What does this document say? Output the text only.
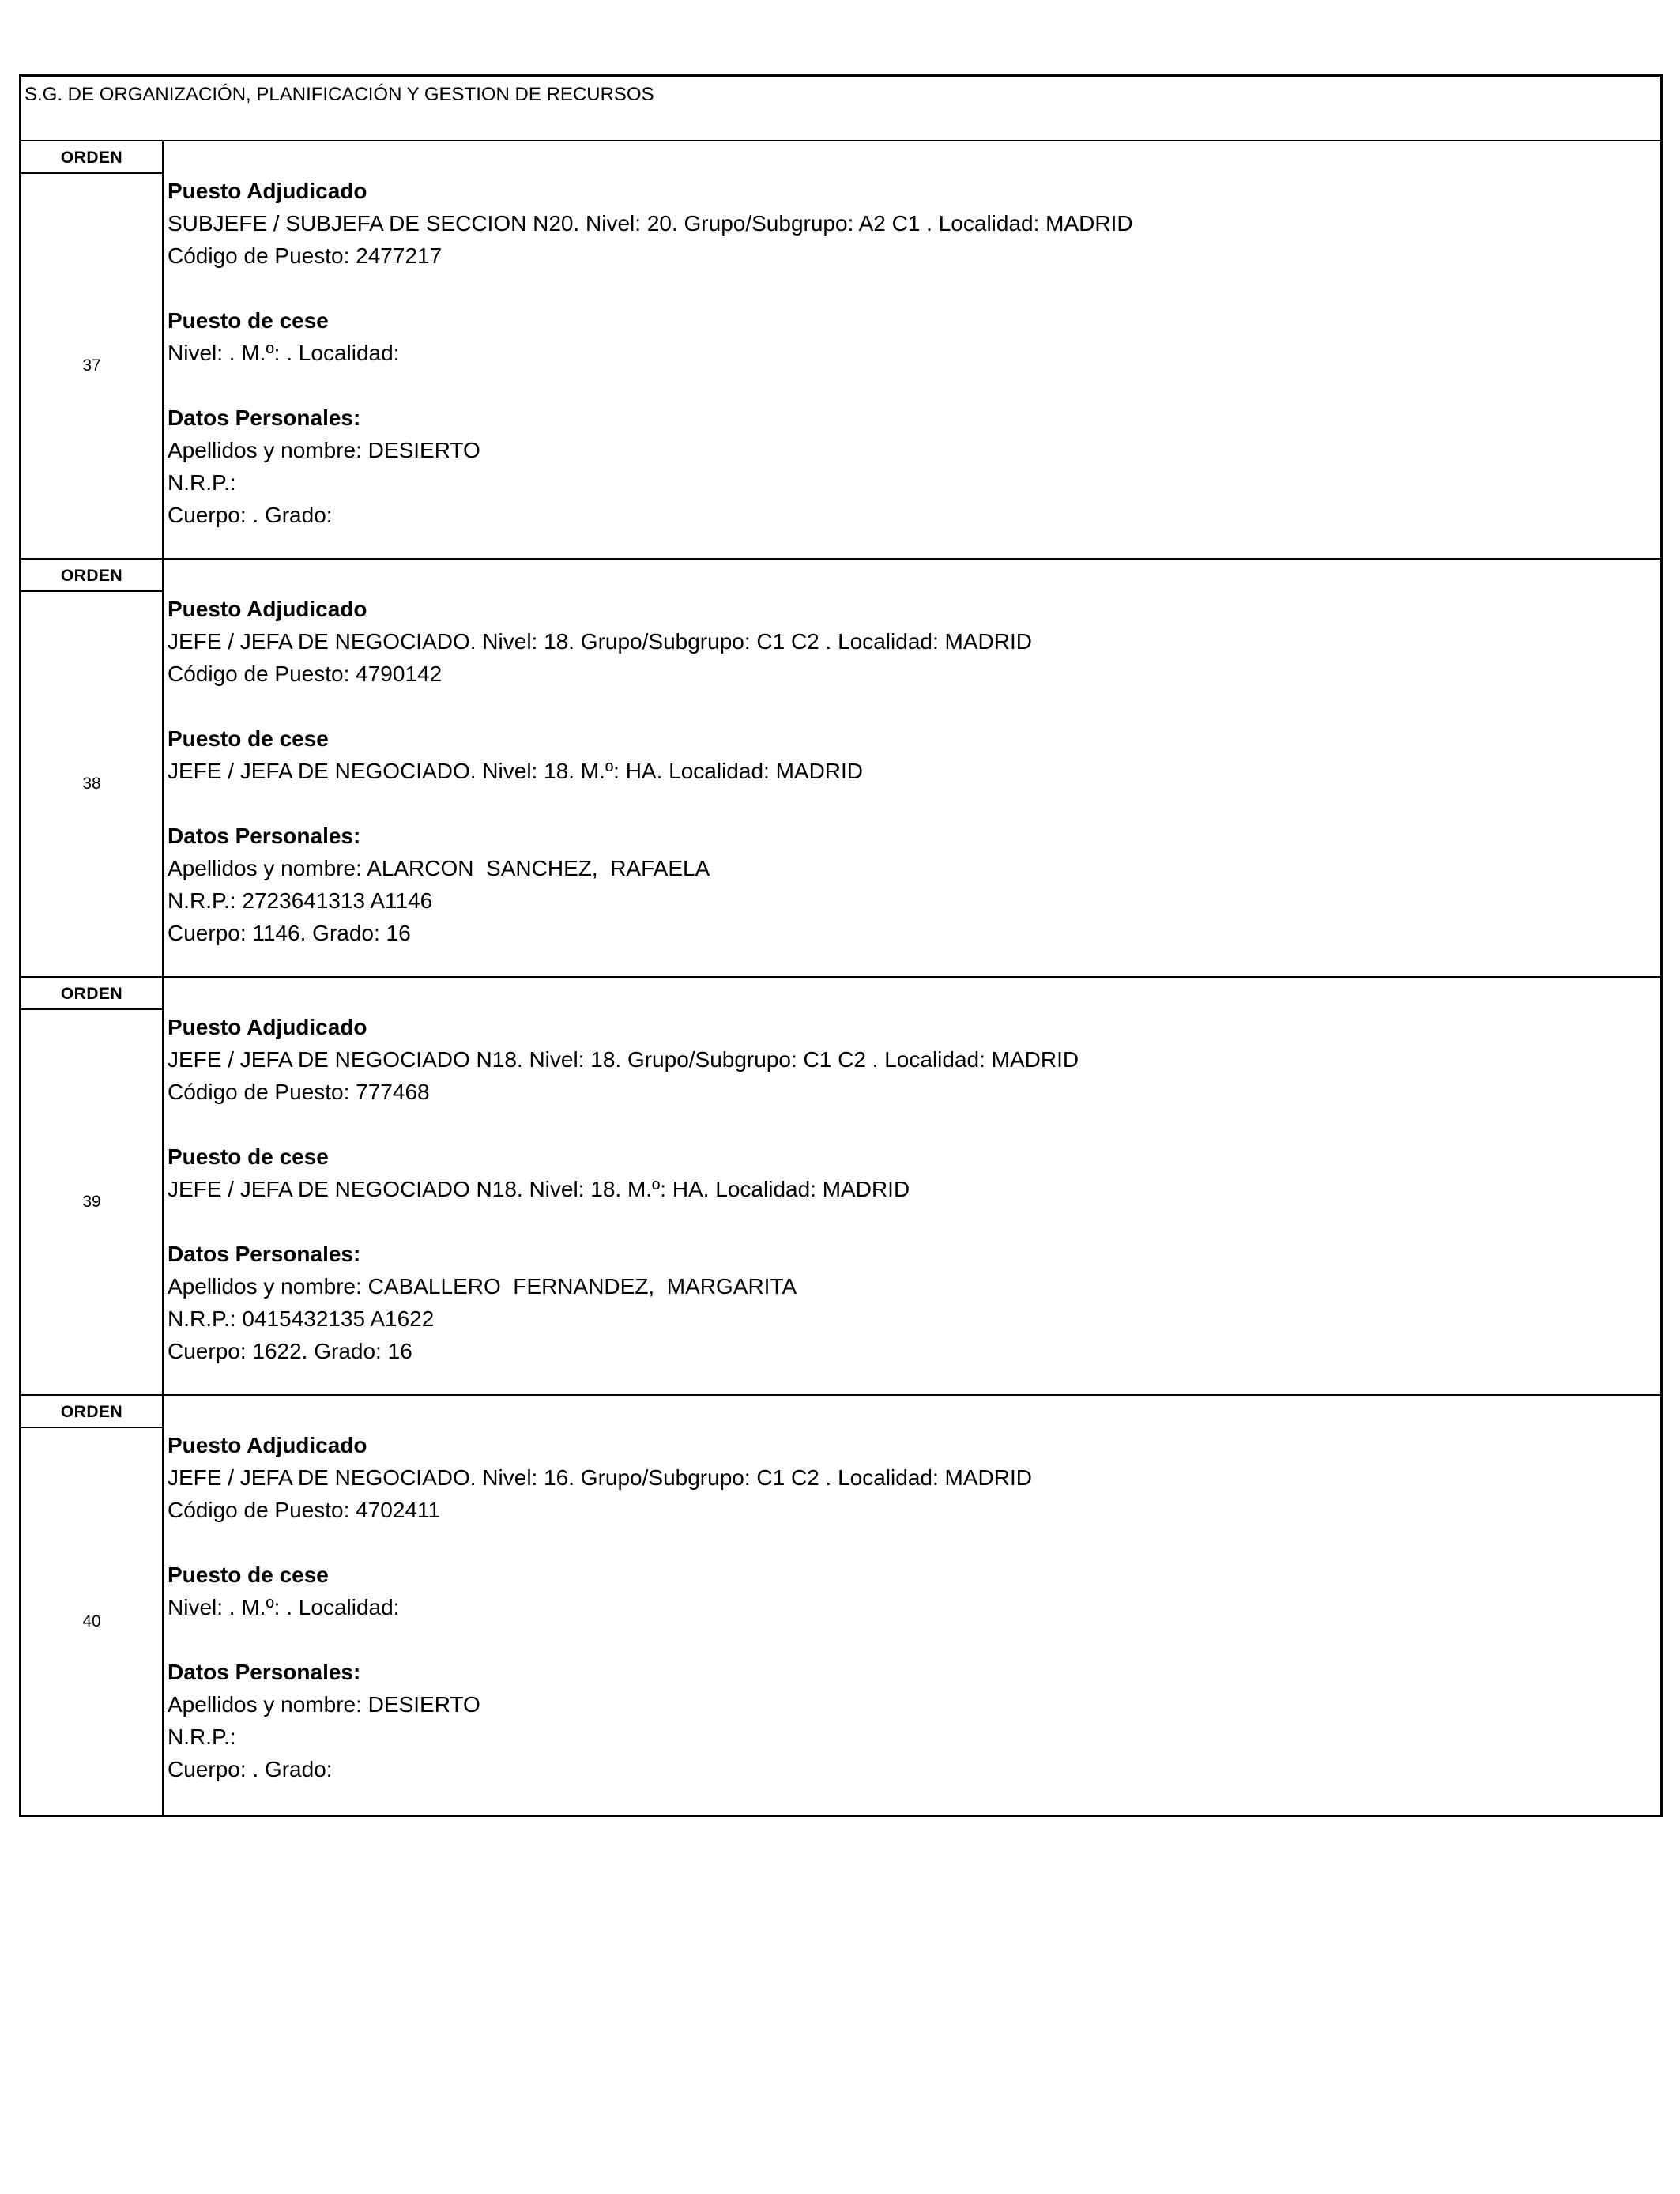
S.G. DE ORGANIZACIÓN, PLANIFICACIÓN Y GESTION DE RECURSOS
ORDEN
37
Puesto Adjudicado
SUBJEFE / SUBJEFA DE SECCION N20. Nivel: 20. Grupo/Subgrupo: A2 C1 . Localidad: MADRID
Código de Puesto: 2477217
Puesto de cese
Nivel: . M.º: . Localidad:
Datos Personales:
Apellidos y nombre: DESIERTO
N.R.P.:
Cuerpo: . Grado:
ORDEN
38
Puesto Adjudicado
JEFE / JEFA DE NEGOCIADO. Nivel: 18. Grupo/Subgrupo: C1 C2 . Localidad: MADRID
Código de Puesto: 4790142
Puesto de cese
JEFE / JEFA DE NEGOCIADO. Nivel: 18. M.º: HA. Localidad: MADRID
Datos Personales:
Apellidos y nombre: ALARCON  SANCHEZ,  RAFAELA
N.R.P.: 2723641313 A1146
Cuerpo: 1146. Grado: 16
ORDEN
39
Puesto Adjudicado
JEFE / JEFA DE NEGOCIADO N18. Nivel: 18. Grupo/Subgrupo: C1 C2 . Localidad: MADRID
Código de Puesto: 777468
Puesto de cese
JEFE / JEFA DE NEGOCIADO N18. Nivel: 18. M.º: HA. Localidad: MADRID
Datos Personales:
Apellidos y nombre: CABALLERO  FERNANDEZ,  MARGARITA
N.R.P.: 0415432135 A1622
Cuerpo: 1622. Grado: 16
ORDEN
40
Puesto Adjudicado
JEFE / JEFA DE NEGOCIADO. Nivel: 16. Grupo/Subgrupo: C1 C2 . Localidad: MADRID
Código de Puesto: 4702411
Puesto de cese
Nivel: . M.º: . Localidad:
Datos Personales:
Apellidos y nombre: DESIERTO
N.R.P.:
Cuerpo: . Grado:
